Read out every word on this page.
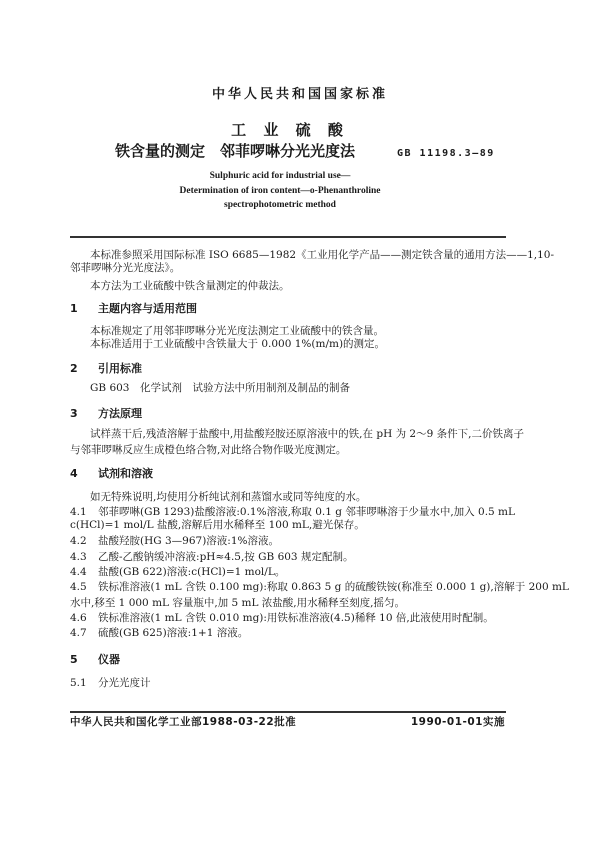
中华人民共和国国家标准
工 业 硫 酸
铁含量的测定　邻菲啰啉分光光度法	GB 11198.3—89
Sulphuric acid for industrial use—
Determination of iron content—o-Phenanthroline
spectrophotometric method
本标准参照采用国际标准 ISO 6685—1982《工业用化学产品——测定铁含量的通用方法——1,10-
邻菲啰啉分光光度法》。
本方法为工业硫酸中铁含量测定的仲裁法。
1 主题内容与适用范围
本标准规定了用邻菲啰啉分光光度法测定工业硫酸中的铁含量。
本标准适用于工业硫酸中含铁量大于 0.000 1%(m/m)的测定。
2 引用标准
GB 603　化学试剂　试验方法中所用制剂及制品的制备
3 方法原理
试样蒸干后,残渣溶解于盐酸中,用盐酸羟胺还原溶液中的铁,在 pH 为 2～9 条件下,二价铁离子
与邻菲啰啉反应生成橙色络合物,对此络合物作吸光度测定。
4 试剂和溶液
如无特殊说明,均使用分析纯试剂和蒸馏水或同等纯度的水。
4.1 邻菲啰啉(GB 1293)盐酸溶液:0.1%溶液,称取 0.1 g 邻菲啰啉溶于少量水中,加入 0.5 mL
c(HCl)=1 mol/L 盐酸,溶解后用水稀释至 100 mL,避光保存。
4.2 盐酸羟胺(HG 3—967)溶液:1%溶液。
4.3 乙酸-乙酸钠缓冲溶液:pH≈4.5,按 GB 603 规定配制。
4.4 盐酸(GB 622)溶液:c(HCl)=1 mol/L。
4.5 铁标准溶液(1 mL 含铁 0.100 mg):称取 0.863 5 g 的硫酸铁铵(称准至 0.000 1 g),溶解于 200 mL
水中,移至 1 000 mL 容量瓶中,加 5 mL 浓盐酸,用水稀释至刻度,摇匀。
4.6 铁标准溶液(1 mL 含铁 0.010 mg):用铁标准溶液(4.5)稀释 10 倍,此液使用时配制。
4.7 硫酸(GB 625)溶液:1+1 溶液。
5 仪器
5.1 分光光度计
中华人民共和国化学工业部1988-03-22批准	1990-01-01实施
